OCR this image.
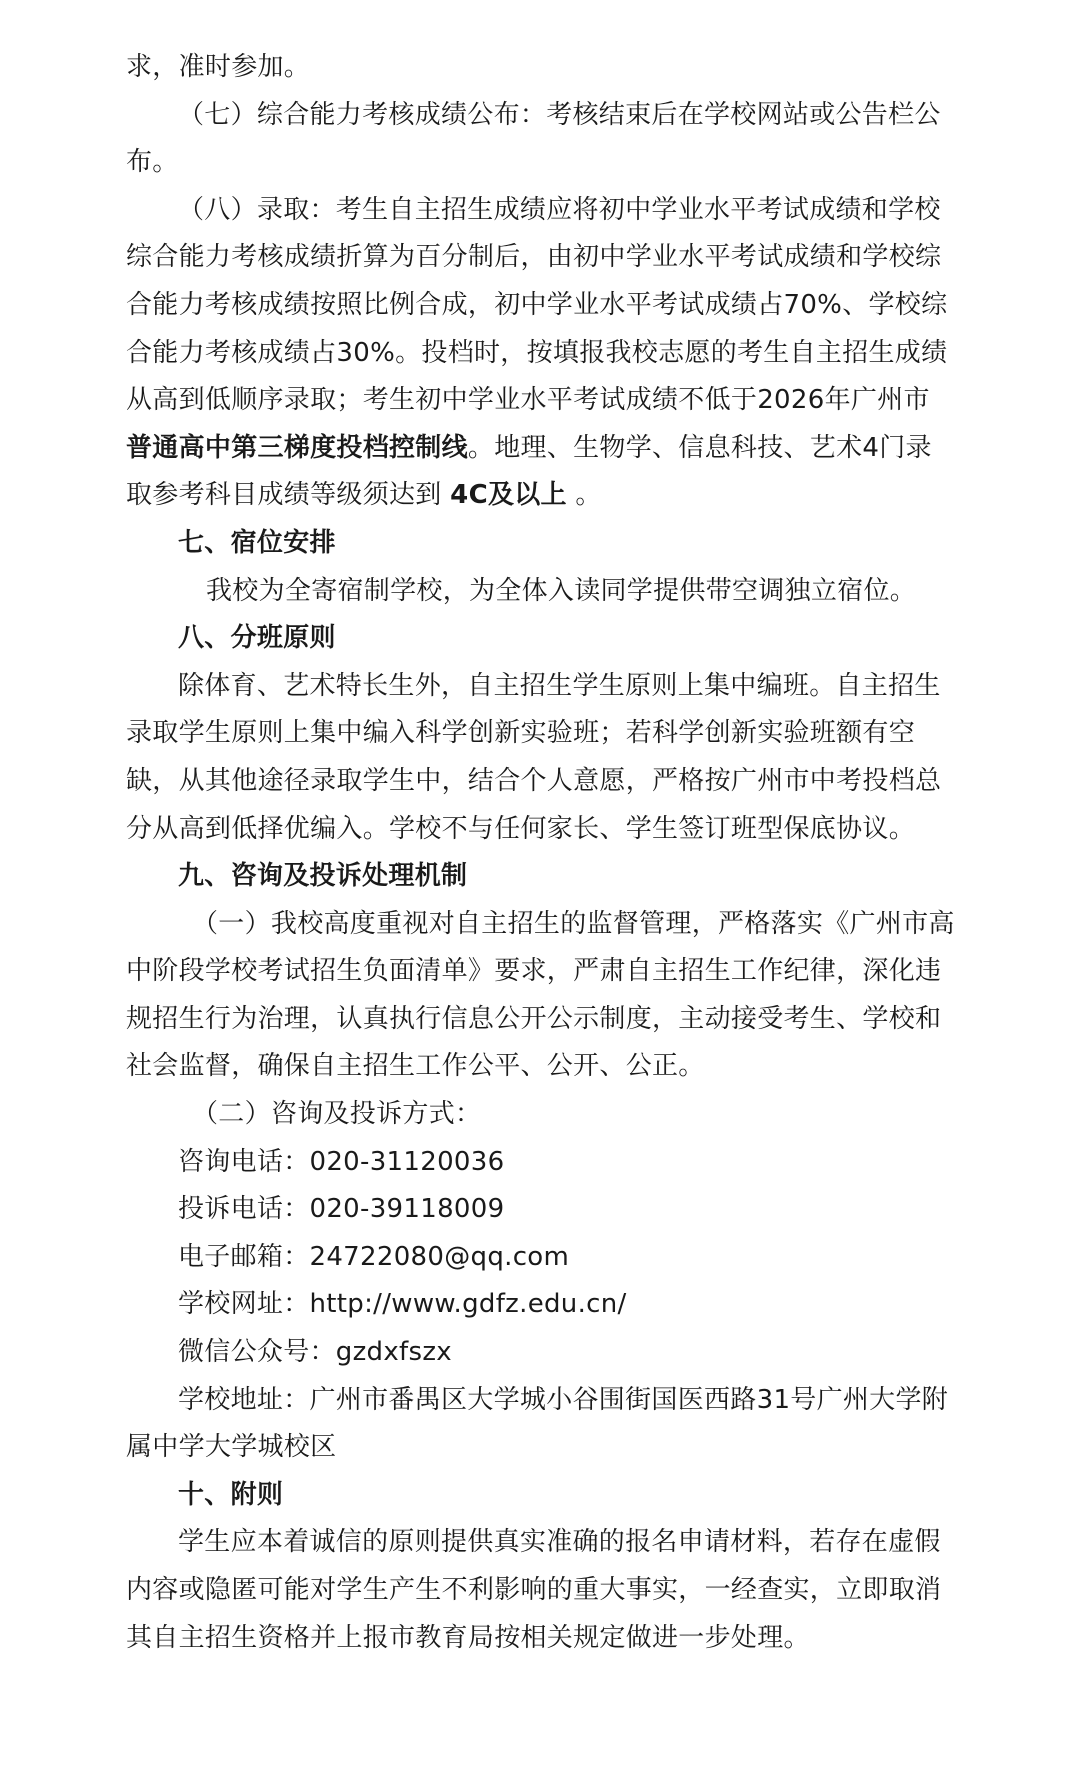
求，准时参加。
（七）综合能力考核成绩公布：考核结束后在学校网站或公告栏公
布。
（八）录取：考生自主招生成绩应将初中学业水平考试成绩和学校
综合能力考核成绩折算为百分制后，由初中学业水平考试成绩和学校综
合能力考核成绩按照比例合成，初中学业水平考试成绩占70%、学校综
合能力考核成绩占30%。投档时，按填报我校志愿的考生自主招生成绩
从高到低顺序录取；考生初中学业水平考试成绩不低于2026年广州市
普通高中第三梯度投档控制线。地理、生物学、信息科技、艺术4门录
取参考科目成绩等级须达到 4C及以上 。
七、宿位安排
我校为全寄宿制学校，为全体入读同学提供带空调独立宿位。
八、分班原则
除体育、艺术特长生外，自主招生学生原则上集中编班。自主招生
录取学生原则上集中编入科学创新实验班；若科学创新实验班额有空
缺，从其他途径录取学生中，结合个人意愿，严格按广州市中考投档总
分从高到低择优编入。学校不与任何家长、学生签订班型保底协议。
九、咨询及投诉处理机制
（一）我校高度重视对自主招生的监督管理，严格落实《广州市高
中阶段学校考试招生负面清单》要求，严肃自主招生工作纪律，深化违
规招生行为治理，认真执行信息公开公示制度，主动接受考生、学校和
社会监督，确保自主招生工作公平、公开、公正。
（二）咨询及投诉方式：
咨询电话：020-31120036
投诉电话：020-39118009
电子邮箱：24722080@qq.com
学校网址：http://www.gdfz.edu.cn/
微信公众号：gzdxfszx
学校地址：广州市番禺区大学城小谷围街国医西路31号广州大学附
属中学大学城校区
十、附则
学生应本着诚信的原则提供真实准确的报名申请材料，若存在虚假
内容或隐匿可能对学生产生不利影响的重大事实，一经查实，立即取消
其自主招生资格并上报市教育局按相关规定做进一步处理。
